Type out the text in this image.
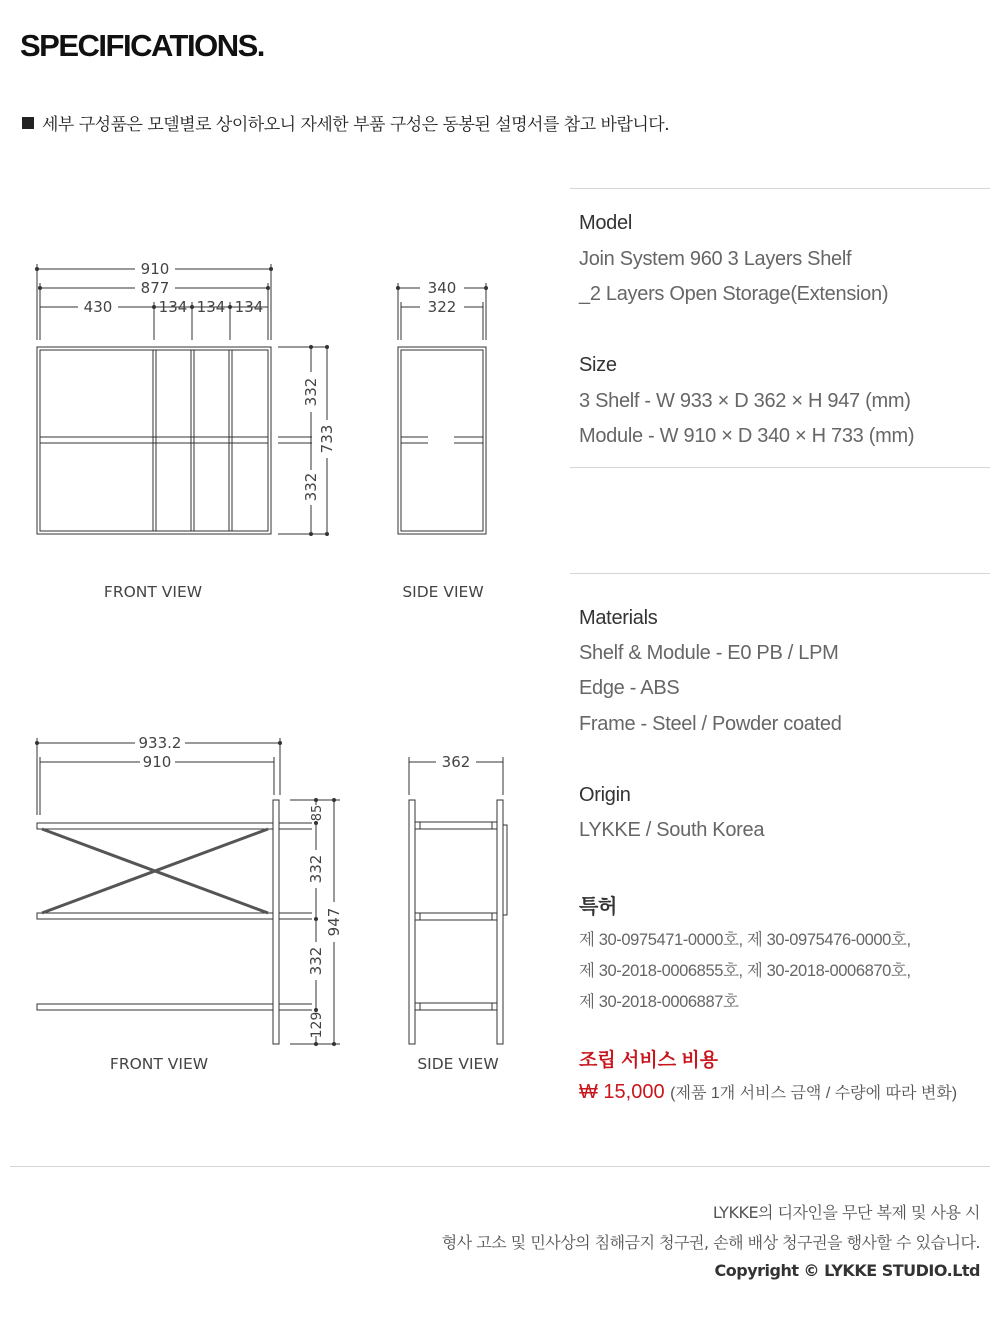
SPECIFICATIONS.
세부 구성품은 모델별로 상이하오니 자세한 부품 구성은 동봉된 설명서를 참고 바랍니다.
910
877
430	134 134 134
340
322
332
332
733
933.2
910	362
85
332
332
947
129
FRONT VIEW	SIDE VIEW
FRONT VIEW	SIDE VIEW
Model
Join System 960 3 Layers Shelf
_2 Layers Open Storage(Extension)
Size
3 Shelf - W 933 × D 362 × H 947 (mm)
Module - W 910 × D 340 × H 733 (mm)
Materials
Shelf & Module - E0 PB / LPM
Edge - ABS
Frame - Steel / Powder coated
Origin
LYKKE / South Korea
특허
제 30-0975471-0000호, 제 30-0975476-0000호,
제 30-2018-0006855호, 제 30-2018-0006870호,
제 30-2018-0006887호
조립 서비스 비용
₩ 15,000 (제품 1개 서비스 금액 / 수량에 따라 변화)
LYKKE의 디자인을 무단 복제 및 사용 시
형사 고소 및 민사상의 침해금지 청구권, 손해 배상 청구권을 행사할 수 있습니다.
Copyright © LYKKE STUDIO.Ltd
